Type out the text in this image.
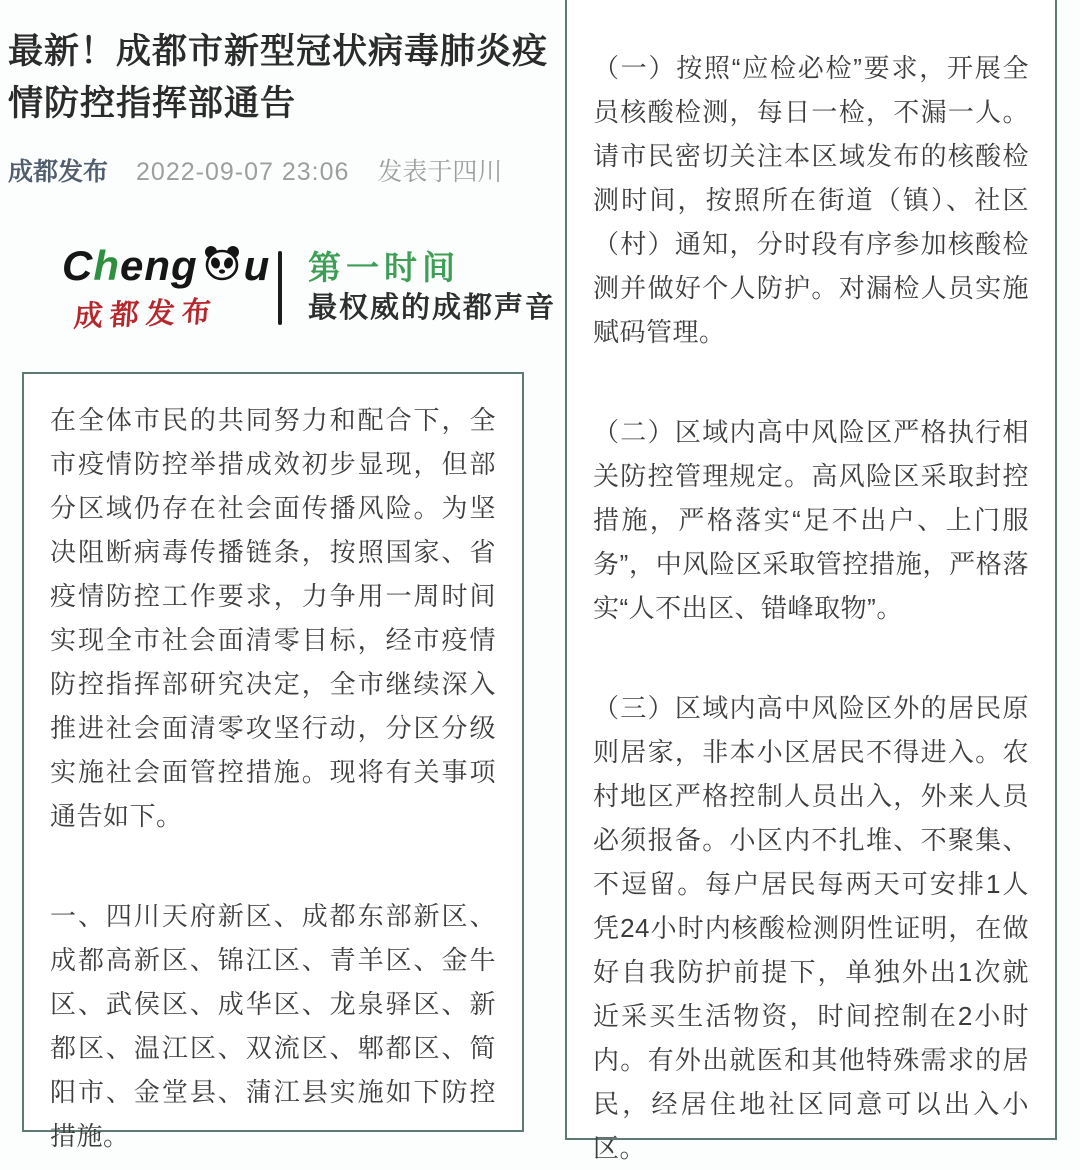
最新！成都市新型冠状病毒肺炎疫情防控指挥部通告
成都发布 2022-09-07 23:06 发表于四川
C h eng u
成都发布
第一时间
最权威的成都声音

在全体市民的共同努力和配合下，全市疫情防控举措成效初步显现，但部分区域仍存在社会面传播风险。为坚决阻断病毒传播链条，按照国家、省疫情防控工作要求，力争用一周时间实现全市社会面清零目标，经市疫情防控指挥部研究决定，全市继续深入推进社会面清零攻坚行动，分区分级实施社会面管控措施。现将有关事项通告如下。

一、四川天府新区、成都东部新区、成都高新区、锦江区、青羊区、金牛区、武侯区、成华区、龙泉驿区、新都区、温江区、双流区、郫都区、简阳市、金堂县、蒲江县实施如下防控措施。

（一）按照“应检必检”要求，开展全员核酸检测，每日一检，不漏一人。请市民密切关注本区域发布的核酸检测时间，按照所在街道（镇）、社区（村）通知，分时段有序参加核酸检测并做好个人防护。对漏检人员实施赋码管理。

（二）区域内高中风险区严格执行相关防控管理规定。高风险区采取封控措施，严格落实“足不出户、上门服务”，中风险区采取管控措施，严格落实“人不出区、错峰取物”。

（三）区域内高中风险区外的居民原则居家，非本小区居民不得进入。农村地区严格控制人员出入，外来人员必须报备。小区内不扎堆、不聚集、不逗留。每户居民每两天可安排1人凭24小时内核酸检测阴性证明，在做好自我防护前提下，单独外出1次就近采买生活物资，时间控制在2小时内。有外出就医和其他特殊需求的居民，经居住地社区同意可以出入小区。
